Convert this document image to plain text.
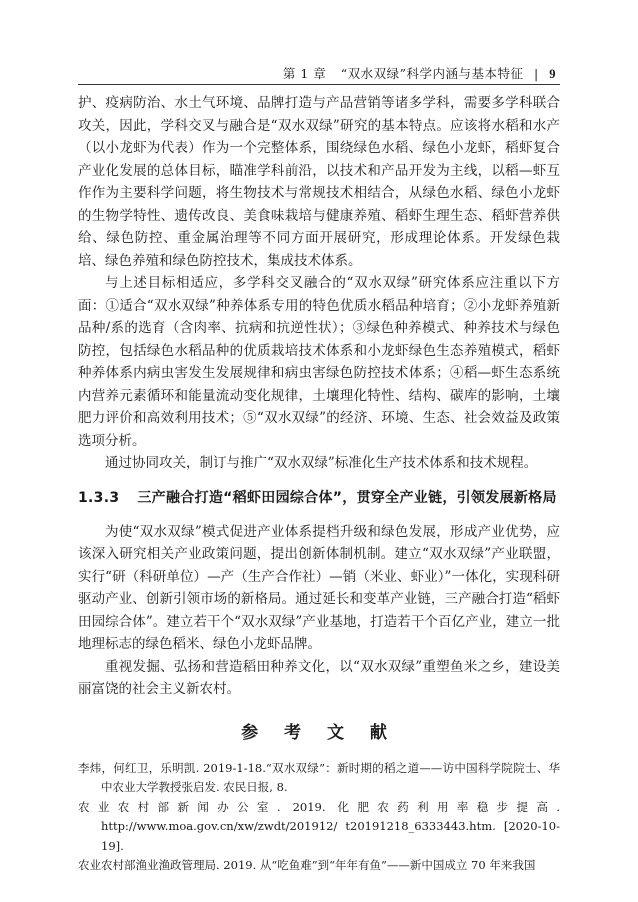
第 1 章 “双水双绿”科学内涵与基本特征 | 9

护、疫病防治、水土气环境、品牌打造与产品营销等诸多学科，需要多学科联合攻关，因此，学科交叉与融合是“双水双绿”研究的基本特点。应该将水稻和水产（以小龙虾为代表）作为一个完整体系，围绕绿色水稻、绿色小龙虾，稻虾复合产业化发展的总体目标，瞄准学科前沿，以技术和产品开发为主线，以稻—虾互作作为主要科学问题，将生物技术与常规技术相结合，从绿色水稻、绿色小龙虾的生物学特性、遗传改良、美食味栽培与健康养殖、稻虾生理生态、稻虾营养供给、绿色防控、重金属治理等不同方面开展研究，形成理论体系。开发绿色栽培、绿色养殖和绿色防控技术，集成技术体系。

与上述目标相适应，多学科交叉融合的“双水双绿”研究体系应注重以下方面：①适合“双水双绿”种养体系专用的特色优质水稻品种培育；②小龙虾养殖新品种/系的选育（含肉率、抗病和抗逆性状）；③绿色种养模式、种养技术与绿色防控，包括绿色水稻品种的优质栽培技术体系和小龙虾绿色生态养殖模式，稻虾种养体系内病虫害发生发展规律和病虫害绿色防控技术体系；④稻—虾生态系统内营养元素循环和能量流动变化规律，土壤理化特性、结构、碳库的影响，土壤肥力评价和高效利用技术；⑤“双水双绿”的经济、环境、生态、社会效益及政策选项分析。

通过协同攻关，制订与推广“双水双绿”标准化生产技术体系和技术规程。

1.3.3 三产融合打造“稻虾田园综合体”，贯穿全产业链，引领发展新格局

为使“双水双绿”模式促进产业体系提档升级和绿色发展，形成产业优势，应该深入研究相关产业政策问题，提出创新体制机制。建立“双水双绿”产业联盟，实行“研（科研单位）—产（生产合作社）—销（米业、虾业）”一体化，实现科研驱动产业、创新引领市场的新格局。通过延长和变革产业链，三产融合打造“稻虾田园综合体”。建立若干个“双水双绿”产业基地，打造若干个百亿产业，建立一批地理标志的绿色稻米、绿色小龙虾品牌。

重视发掘、弘扬和营造稻田种养文化，以“双水双绿”重塑鱼米之乡，建设美丽富饶的社会主义新农村。

参 考 文 献

李炜，何红卫，乐明凯. 2019-1-18.“双水双绿”：新时期的稻之道——访中国科学院院士、华中农业大学教授张启发. 农民日报, 8.

农业农村部新闻办公室. 2019. 化肥农药利用率稳步提高. http://www.moa.gov.cn/xw/zwdt/201912/ t20191218_6333443.htm. [2020-10-19].

农业农村部渔业渔政管理局. 2019. 从“吃鱼难”到“年年有鱼”——新中国成立 70 年来我国
